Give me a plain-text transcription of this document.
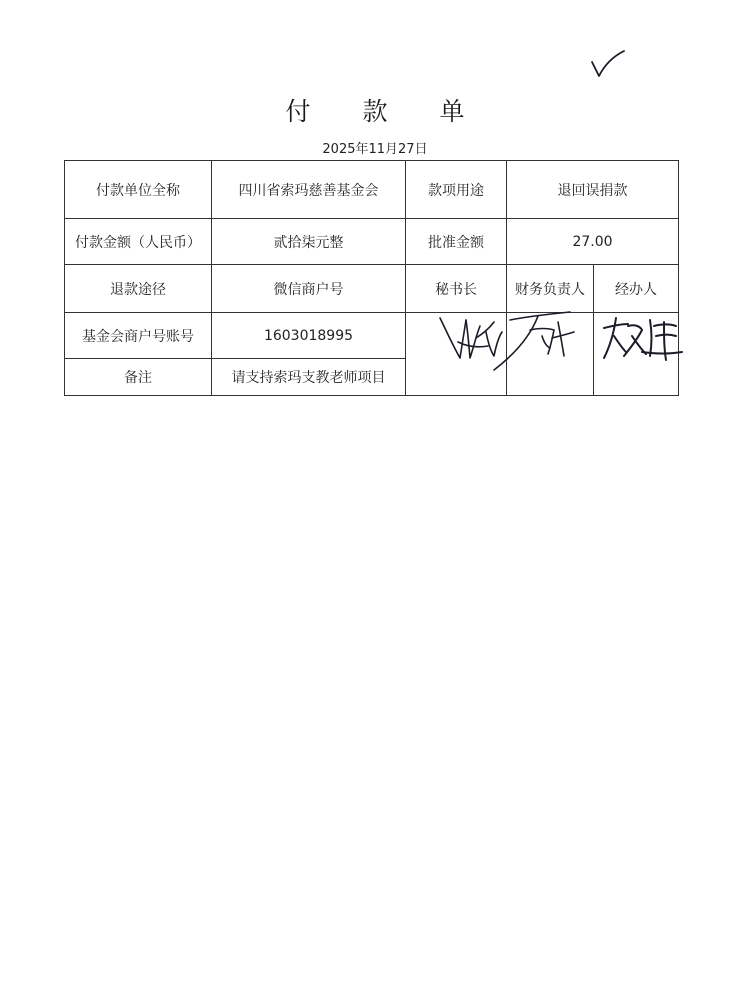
付 款 单
2025年11月27日
付款单位全称	四川省索玛慈善基金会	款项用途	退回误捐款	
付款金额（人民币）	贰拾柒元整	批准金额	27.00	
退款途径	微信商户号	秘书长	财务负责人	经办人
基金会商户号账号	1603018995			
备注	请支持索玛支教老师项目			
